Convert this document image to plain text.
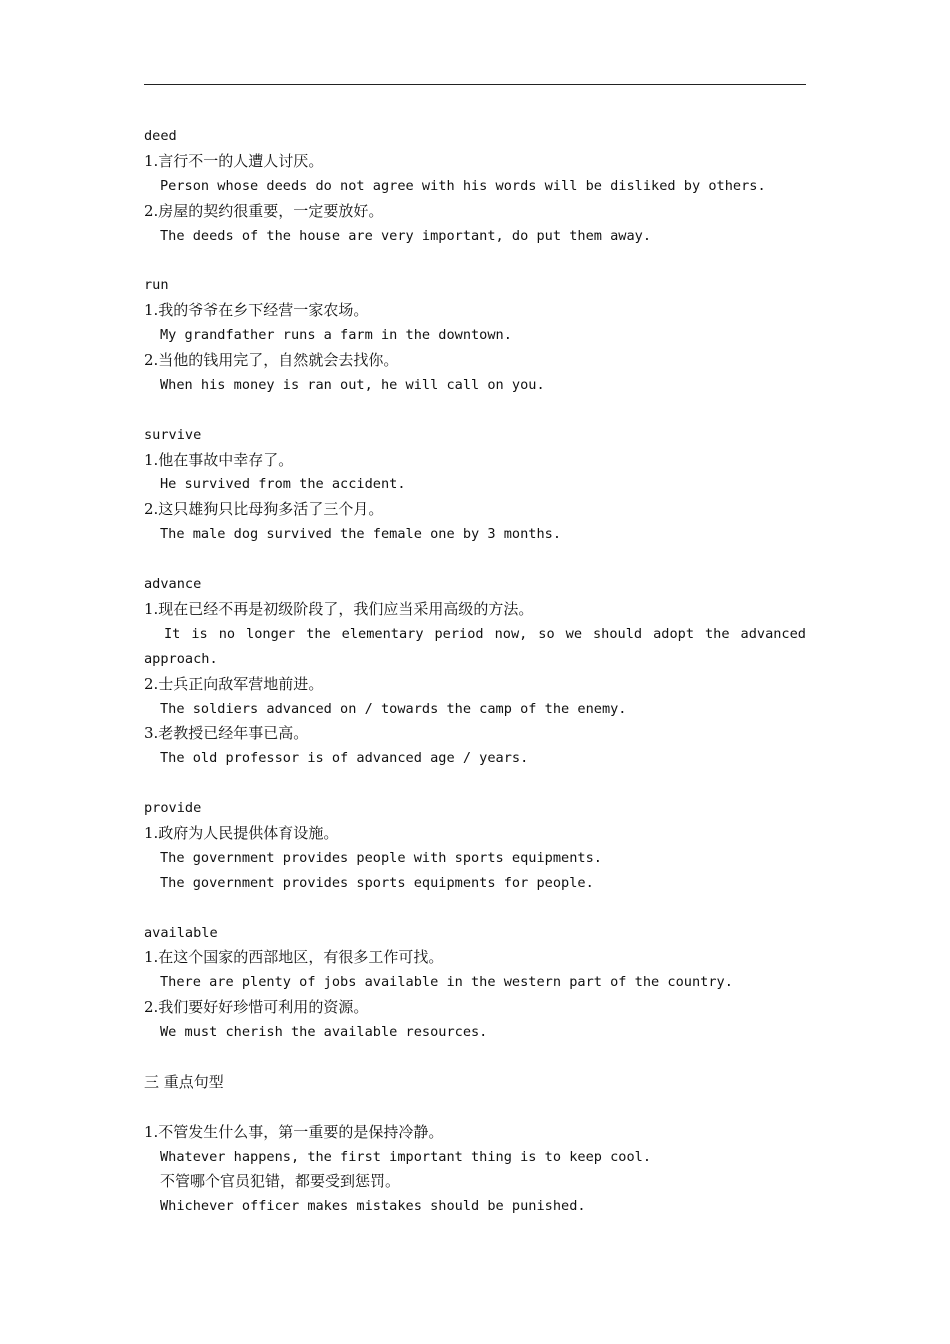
deed
1.言行不一的人遭人讨厌。
Person whose deeds do not agree with his words will be disliked by others.
2.房屋的契约很重要，一定要放好。
The deeds of the house are very important, do put them away.
run
1.我的爷爷在乡下经营一家农场。
My grandfather runs a farm in the downtown.
2.当他的钱用完了，自然就会去找你。
When his money is ran out, he will call on you.
survive
1.他在事故中幸存了。
He survived from the accident.
2.这只雄狗只比母狗多活了三个月。
The male dog survived the female one by 3 months.
advance
1.现在已经不再是初级阶段了，我们应当采用高级的方法。
It is no longer the elementary period now, so we should adopt the advanced
approach.
2.士兵正向敌军营地前进。
The soldiers advanced on / towards the camp of the enemy.
3.老教授已经年事已高。
The old professor is of advanced age / years.
provide
1.政府为人民提供体育设施。
The government provides people with sports equipments.
The government provides sports equipments for people.
available
1.在这个国家的西部地区，有很多工作可找。
There are plenty of jobs available in the western part of the country.
2.我们要好好珍惜可利用的资源。
We must cherish the available resources.
三 重点句型
1.不管发生什么事，第一重要的是保持冷静。
Whatever happens, the first important thing is to keep cool.
不管哪个官员犯错，都要受到惩罚。
Whichever officer makes mistakes should be punished.
